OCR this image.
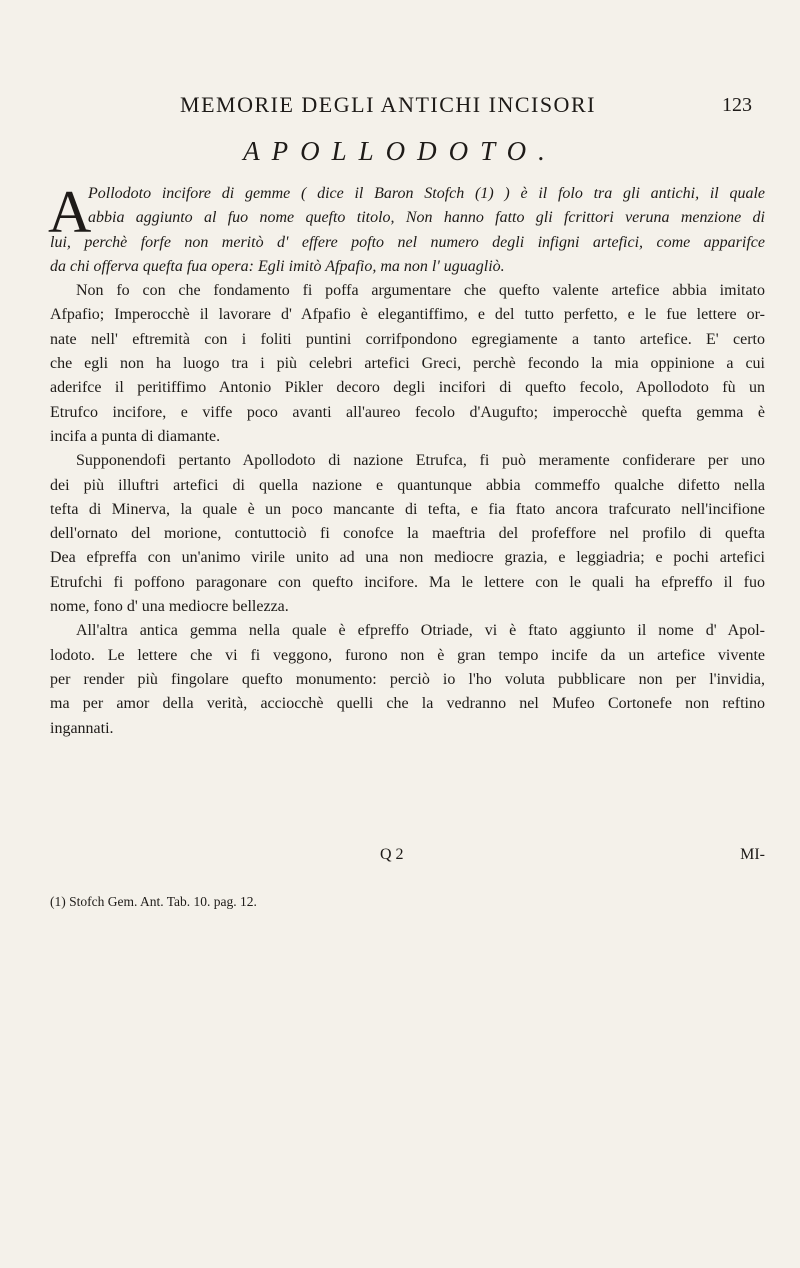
MEMORIE DEGLI ANTICHI INCISORI	123
APOLLODOTO.
A
Pollodoto incifore di gemme ( dice il Baron Stofch (1) ) è il folo tra gli antichi, il quale
abbia aggiunto al fuo nome quefto titolo, Non hanno fatto gli fcrittori veruna menzione di
lui, perchè forfe non meritò d' effere pofto nel numero degli infigni artefici, come apparifce
da chi offerva quefta fua opera: Egli imitò Afpafio, ma non l' uguagliò.
Non fo con che fondamento fi poffa argumentare che quefto valente artefice abbia imitato
Afpafio; Imperocchè il lavorare d' Afpafio è elegantiffimo, e del tutto perfetto, e le fue lettere or-
nate nell' eftremità con i foliti puntini corrifpondono egregiamente a tanto artefice. E' certo
che egli non ha luogo tra i più celebri artefici Greci, perchè fecondo la mia oppinione a cui
aderifce il peritiffimo Antonio Pikler decoro degli incifori di quefto fecolo, Apollodoto fù un
Etrufco incifore, e viffe poco avanti all'aureo fecolo d'Augufto; imperocchè quefta gemma è
incifa a punta di diamante.
Supponendofi pertanto Apollodoto di nazione Etrufca, fi può meramente confiderare per uno
dei più illuftri artefici di quella nazione e quantunque abbia commeffo qualche difetto nella
tefta di Minerva, la quale è un poco mancante di tefta, e fia ftato ancora trafcurato nell'incifione
dell'ornato del morione, contuttociò fi conofce la maeftria del profeffore nel profilo di quefta
Dea efpreffa con un'animo virile unito ad una non mediocre grazia, e leggiadria; e pochi artefici
Etrufchi fi poffono paragonare con quefto incifore. Ma le lettere con le quali ha efpreffo il fuo
nome, fono d' una mediocre bellezza.
All'altra antica gemma nella quale è efpreffo Otriade, vi è ftato aggiunto il nome d' Apol-
lodoto. Le lettere che vi fi veggono, furono non è gran tempo incife da un artefice vivente
per render più fingolare quefto monumento: perciò io l'ho voluta pubblicare non per l'invidia,
ma per amor della verità, acciocchè quelli che la vedranno nel Mufeo Cortonefe non reftino
ingannati.
Q 2	MI-
(1) Stofch Gem. Ant. Tab. 10. pag. 12.
